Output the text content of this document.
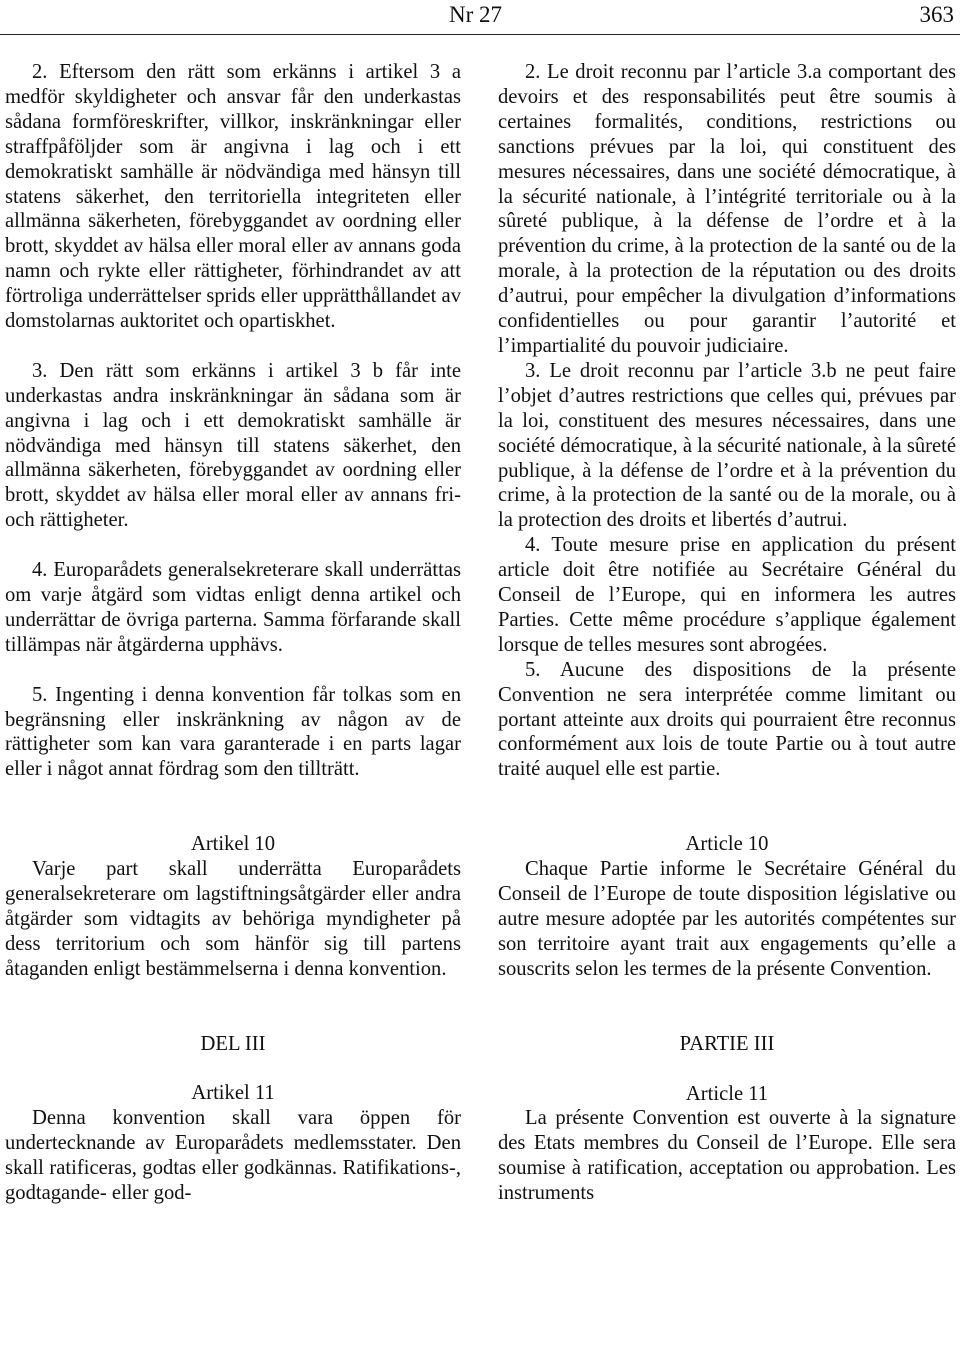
Nr 27	363

2. Eftersom den rätt som erkänns i artikel 3 a medför skyldigheter och ansvar får den underkastas sådana formföreskrifter, villkor, inskränkningar eller straffpåföljder som är angivna i lag och i ett demokratiskt samhälle är nödvändiga med hänsyn till statens säkerhet, den territoriella integriteten eller allmänna säkerheten, förebyggandet av oordning eller brott, skyddet av hälsa eller moral eller av annans goda namn och rykte eller rättigheter, förhindrandet av att förtroliga underrättelser sprids eller upprätthållandet av domstolarnas auktoritet och opartiskhet.

3. Den rätt som erkänns i artikel 3 b får inte underkastas andra inskränkningar än sådana som är angivna i lag och i ett demokratiskt samhälle är nödvändiga med hänsyn till statens säkerhet, den allmänna säkerheten, förebyggandet av oordning eller brott, skyddet av hälsa eller moral eller av annans fri- och rättigheter.

4. Europarådets generalsekreterare skall underrättas om varje åtgärd som vidtas enligt denna artikel och underrättar de övriga parterna. Samma förfarande skall tillämpas när åtgärderna upphävs.

5. Ingenting i denna konvention får tolkas som en begränsning eller inskränkning av någon av de rättigheter som kan vara garanterade i en parts lagar eller i något annat fördrag som den tillträtt.

Artikel 10

Varje part skall underrätta Europarådets generalsekreterare om lagstiftningsåtgärder eller andra åtgärder som vidtagits av behöriga myndigheter på dess territorium och som hänför sig till partens åtaganden enligt bestämmelserna i denna konvention.

DEL III

Artikel 11

Denna konvention skall vara öppen för undertecknande av Europarådets medlemsstater. Den skall ratificeras, godtas eller godkännas. Ratifikations-, godtagande- eller god-

2. Le droit reconnu par l’article 3.a comportant des devoirs et des responsabilités peut être soumis à certaines formalités, conditions, restrictions ou sanctions prévues par la loi, qui constituent des mesures nécessaires, dans une société démocratique, à la sécurité nationale, à l’intégrité territoriale ou à la sûreté publique, à la défense de l’ordre et à la prévention du crime, à la protection de la santé ou de la morale, à la protection de la réputation ou des droits d’autrui, pour empêcher la divulgation d’informations confidentielles ou pour garantir l’autorité et l’impartialité du pouvoir judiciaire.

3. Le droit reconnu par l’article 3.b ne peut faire l’objet d’autres restrictions que celles qui, prévues par la loi, constituent des mesures nécessaires, dans une société démocratique, à la sécurité nationale, à la sûreté publique, à la défense de l’ordre et à la prévention du crime, à la protection de la santé ou de la morale, ou à la protection des droits et libertés d’autrui.

4. Toute mesure prise en application du présent article doit être notifiée au Secrétaire Général du Conseil de l’Europe, qui en informera les autres Parties. Cette même procédure s’applique également lorsque de telles mesures sont abrogées.

5. Aucune des dispositions de la présente Convention ne sera interprétée comme limitant ou portant atteinte aux droits qui pourraient être reconnus conformément aux lois de toute Partie ou à tout autre traité auquel elle est partie.

Article 10

Chaque Partie informe le Secrétaire Général du Conseil de l’Europe de toute disposition législative ou autre mesure adoptée par les autorités compétentes sur son territoire ayant trait aux engagements qu’elle a souscrits selon les termes de la présente Convention.

PARTIE III

Article 11

La présente Convention est ouverte à la signature des Etats membres du Conseil de l’Europe. Elle sera soumise à ratification, acceptation ou approbation. Les instruments
